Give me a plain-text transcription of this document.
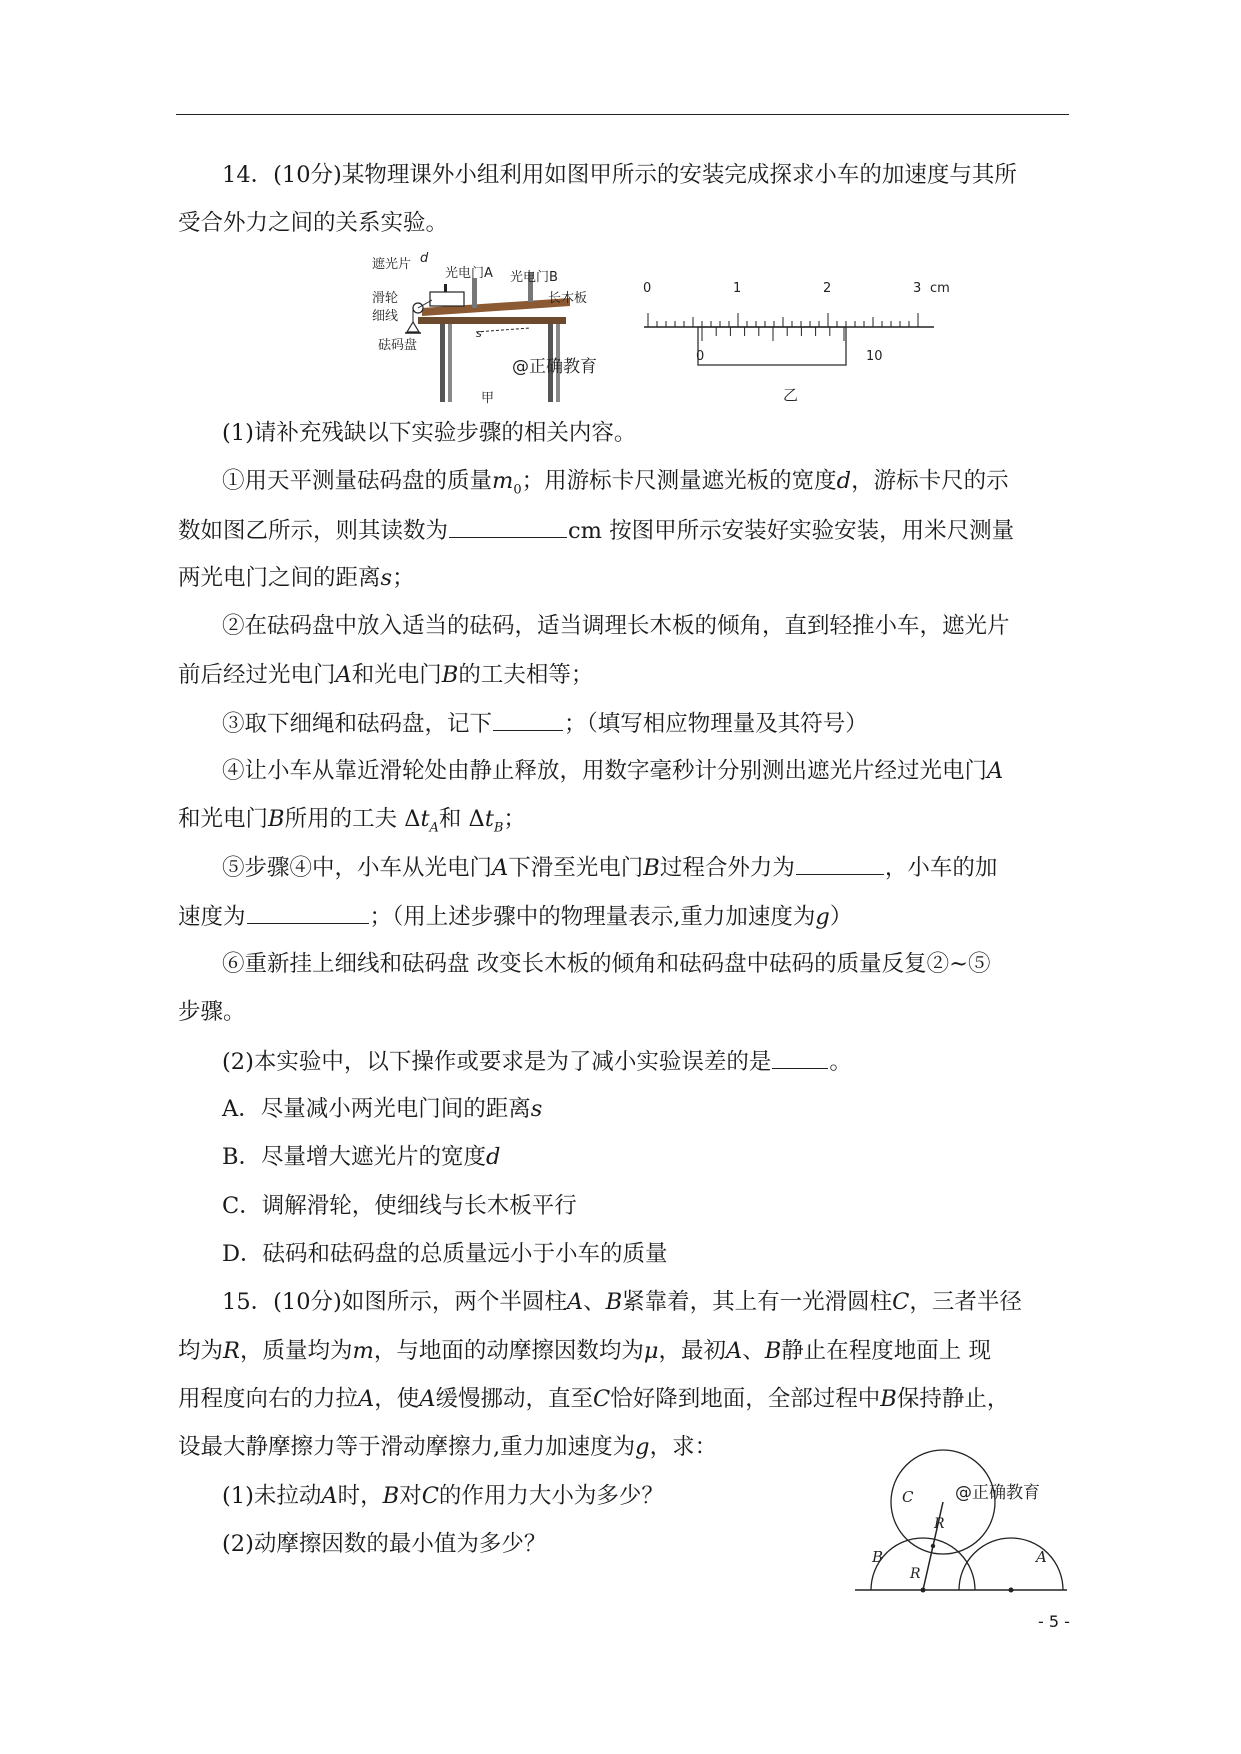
14．(10分)某物理课外小组利用如图甲所示的安装完成探求小车的加速度与其所
受合外力之间的关系实验。
遮光片 d
光电门A 光电门B
滑轮
细线
长木板
s
砝码盘
@正确教育
甲
0	1	2	3 cm
0	10
乙
(1)请补充残缺以下实验步骤的相关内容。
①用天平测量砝码盘的质量$m_0$；用游标卡尺测量遮光板的宽度d，游标卡尺的示
数如图乙所示，则其读数为	cm 按图甲所示安装好实验安装，用米尺测量
两光电门之间的距离s；
②在砝码盘中放入适当的砝码，适当调理长木板的倾角，直到轻推小车，遮光片
前后经过光电门A和光电门B的工夫相等；
③取下细绳和砝码盘，记下	；（填写相应物理量及其符号）
④让小车从靠近滑轮处由静止释放，用数字毫秒计分别测出遮光片经过光电门A
和光电门B所用的工夫 $\Delta t_A$和 $\Delta t_B$；
⑤步骤④中，小车从光电门A下滑至光电门B过程合外力为	，小车的加
速度为	；（用上述步骤中的物理量表示,重力加速度为g）
⑥重新挂上细线和砝码盘 改变长木板的倾角和砝码盘中砝码的质量反复②~⑤
步骤。
(2)本实验中，以下操作或要求是为了减小实验误差的是	。
A．尽量减小两光电门间的距离s
B．尽量增大遮光片的宽度d
C．调解滑轮，使细线与长木板平行
D．砝码和砝码盘的总质量远小于小车的质量
15．(10分)如图所示，两个半圆柱A、B紧靠着，其上有一光滑圆柱C，三者半径
均为R，质量均为m，与地面的动摩擦因数均为μ，最初A、B静止在程度地面上 现
用程度向右的力拉A，使A缓慢挪动，直至C恰好降到地面，全部过程中B保持静止，
设最大静摩擦力等于滑动摩擦力,重力加速度为g，求：
(1)未拉动A时，B对C的作用力大小为多少？
(2)动摩擦因数的最小值为多少？
C @正确教育
R
B	A
R
- 5 -
